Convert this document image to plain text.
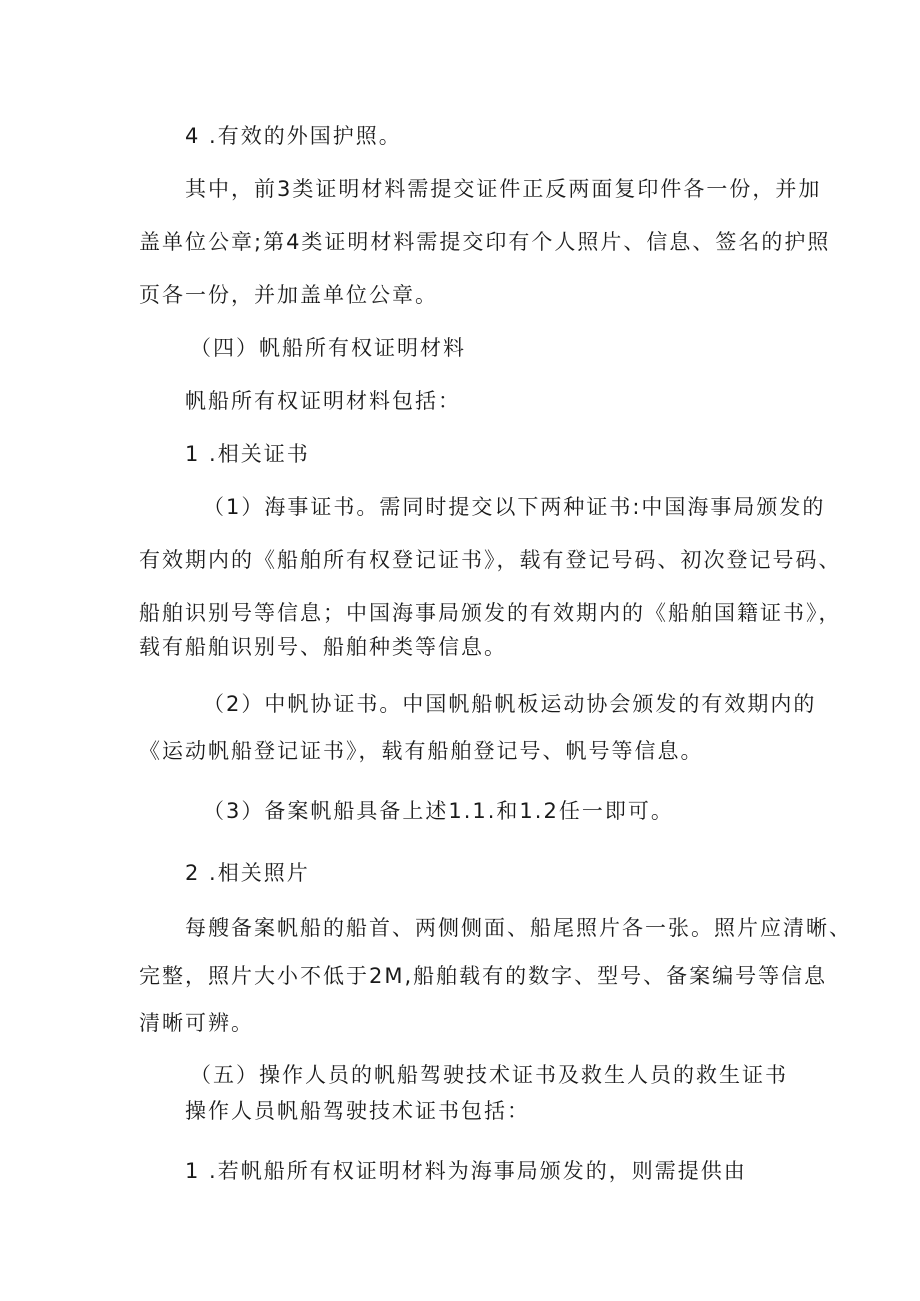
4 .有效的外国护照。
其中，前3类证明材料需提交证件正反两面复印件各一份，并加
盖单位公章;第4类证明材料需提交印有个人照片、信息、签名的护照
页各一份，并加盖单位公章。
（四）帆船所有权证明材料
帆船所有权证明材料包括：
1 .相关证书
（1）海事证书。需同时提交以下两种证书:中国海事局颁发的
有效期内的《船舶所有权登记证书》，载有登记号码、初次登记号码、
船舶识别号等信息；中国海事局颁发的有效期内的《船舶国籍证书》，
载有船舶识别号、船舶种类等信息。
（2）中帆协证书。中国帆船帆板运动协会颁发的有效期内的
《运动帆船登记证书》，载有船舶登记号、帆号等信息。
（3）备案帆船具备上述1.1.和1.2任一即可。
2 .相关照片
每艘备案帆船的船首、两侧侧面、船尾照片各一张。照片应清晰、
完整，照片大小不低于2M,船舶载有的数字、型号、备案编号等信息
清晰可辨。
（五）操作人员的帆船驾驶技术证书及救生人员的救生证书
操作人员帆船驾驶技术证书包括：
1 .若帆船所有权证明材料为海事局颁发的，则需提供由
